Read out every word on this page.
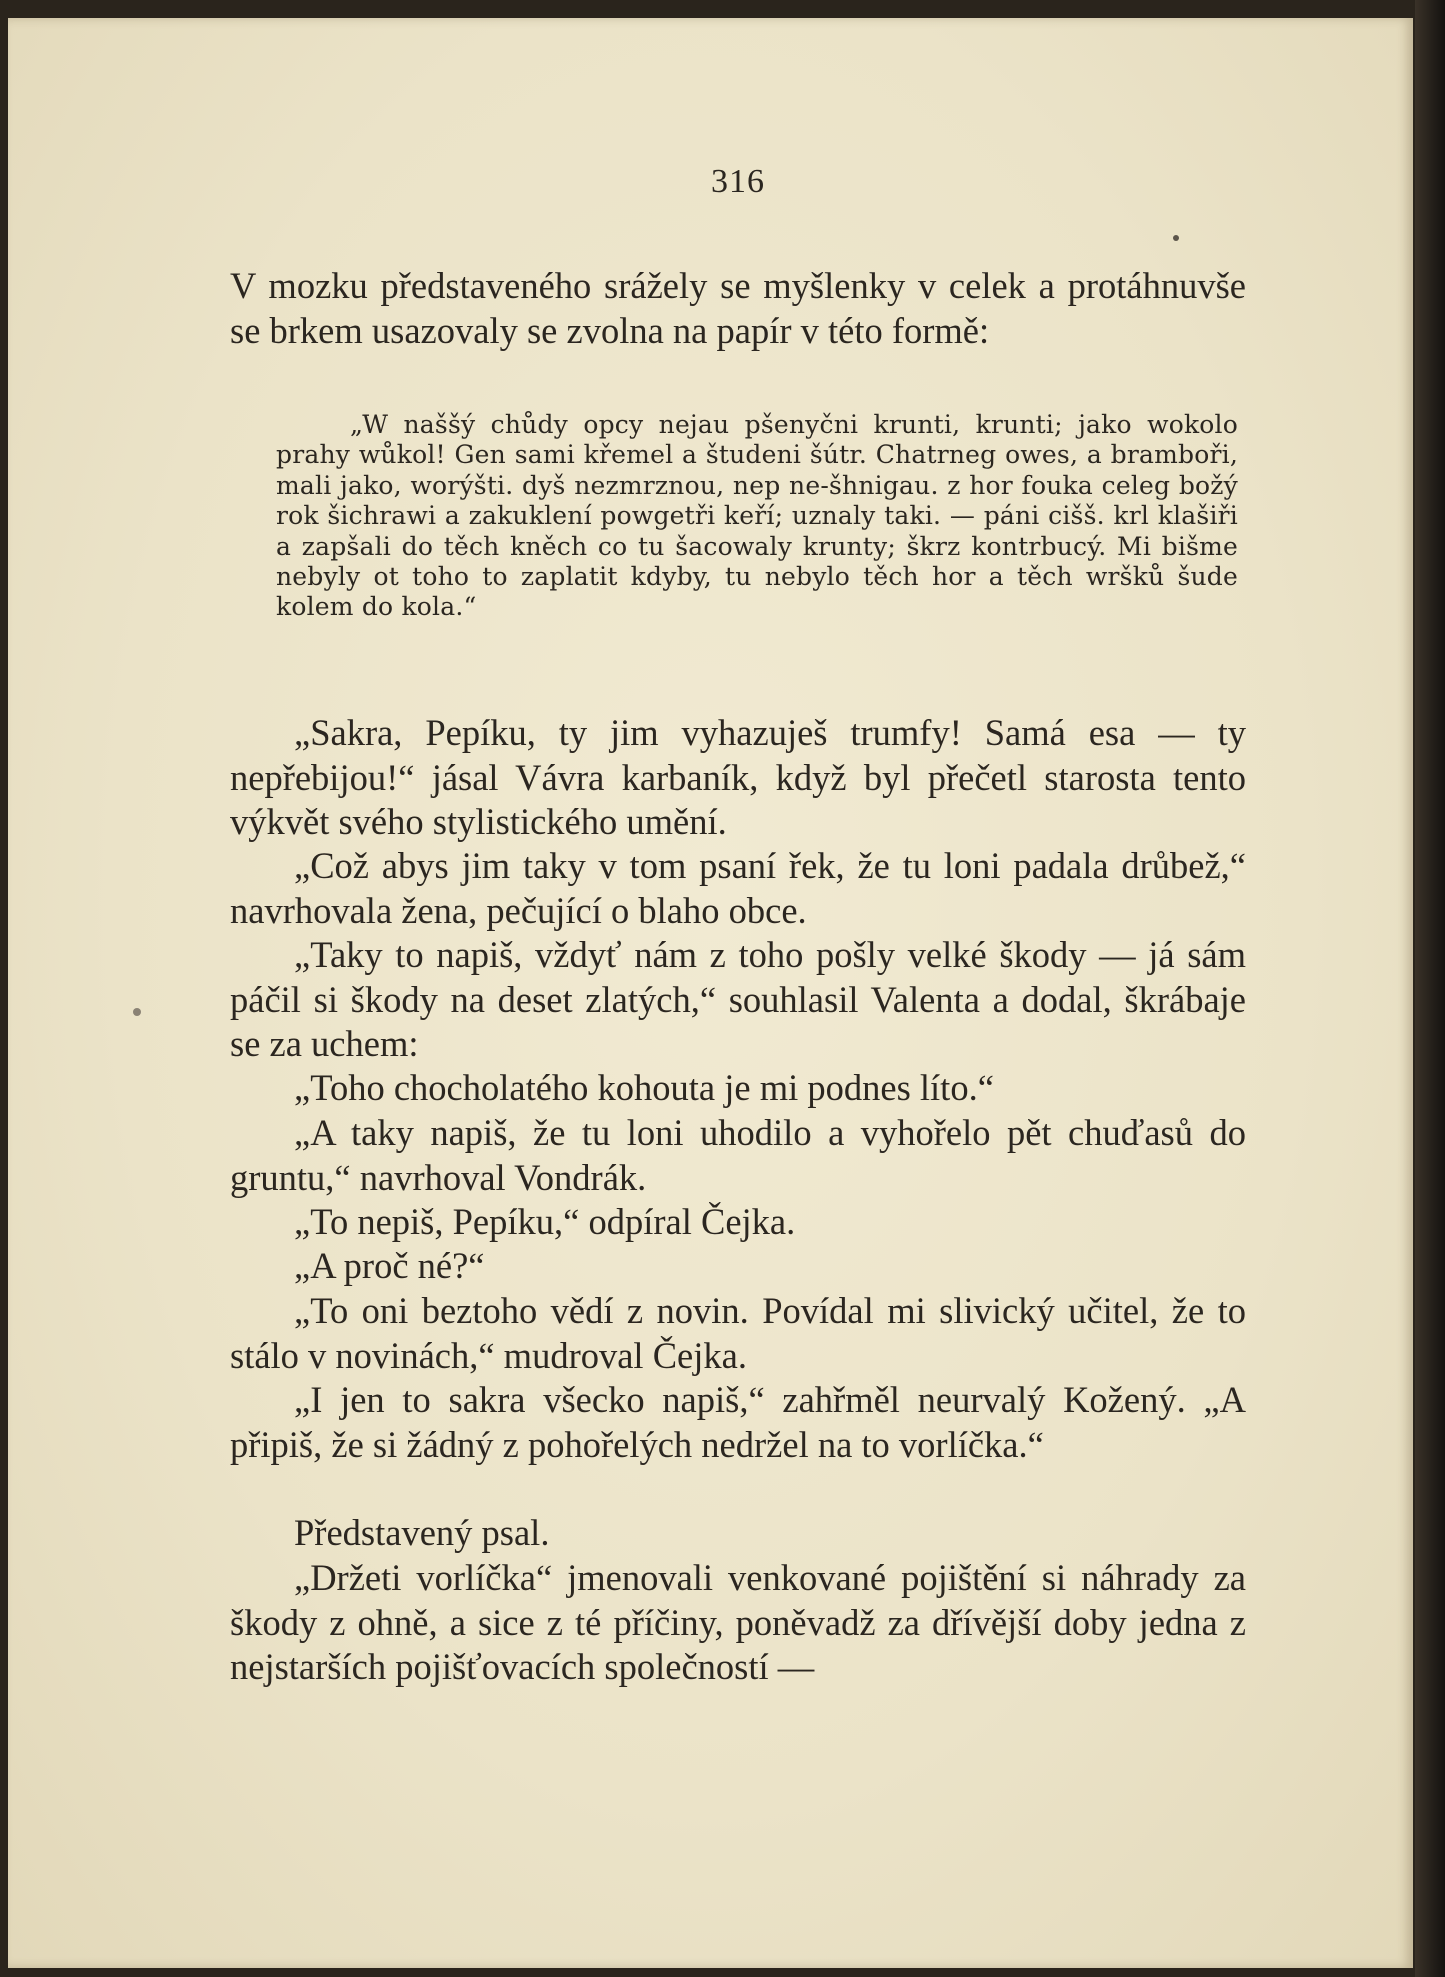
316

V mozku představeného srážely se myšlenky v celek a protáhnuvše se brkem usazovaly se zvolna na papír v této formě:

„W naššý chůdy opcy nejau pšenyčni krunti, krunti; jako wokolo prahy wůkol! Gen sami křemel a študeni šútr. Chatrneg owes, a bramboři, mali jako, worýšti. dyš nezmrznou, nep ne-šhnigau. z hor fouka celeg božý rok šichrawi a zakuklení powgetři keří; uznaly taki. — páni cišš. krl klašiři a zapšali do těch kněch co tu šacowaly krunty; škrz kontrbucý. Mi bišme nebyly ot toho to zaplatit kdyby, tu nebylo těch hor a těch wršků šude kolem do kola.“

„Sakra, Pepíku, ty jim vyhazuješ trumfy! Samá esa — ty nepřebijou!“ jásal Vávra karbaník, když byl přečetl starosta tento výkvět svého stylistického umění.

„Což abys jim taky v tom psaní řek, že tu loni padala drůbež,“ navrhovala žena, pečující o blaho obce.

„Taky to napiš, vždyť nám z toho pošly velké škody — já sám páčil si škody na deset zlatých,“ souhlasil Valenta a dodal, škrábaje se za uchem:

„Toho chocholatého kohouta je mi podnes líto.“

„A taky napiš, že tu loni uhodilo a vyhořelo pět chuďasů do gruntu,“ navrhoval Vondrák.

„To nepiš, Pepíku,“ odpíral Čejka.

„A proč né?“

„To oni beztoho vědí z novin. Povídal mi slivický učitel, že to stálo v novinách,“ mudroval Čejka.

„I jen to sakra všecko napiš,“ zahřměl neurvalý Kožený. „A připiš, že si žádný z pohořelých nedržel na to vorlíčka.“

Představený psal.

„Držeti vorlíčka“ jmenovali venkované pojištění si náhrady za škody z ohně, a sice z té příčiny, poněvadž za dřívější doby jedna z nejstarších pojišťovacích společností —
